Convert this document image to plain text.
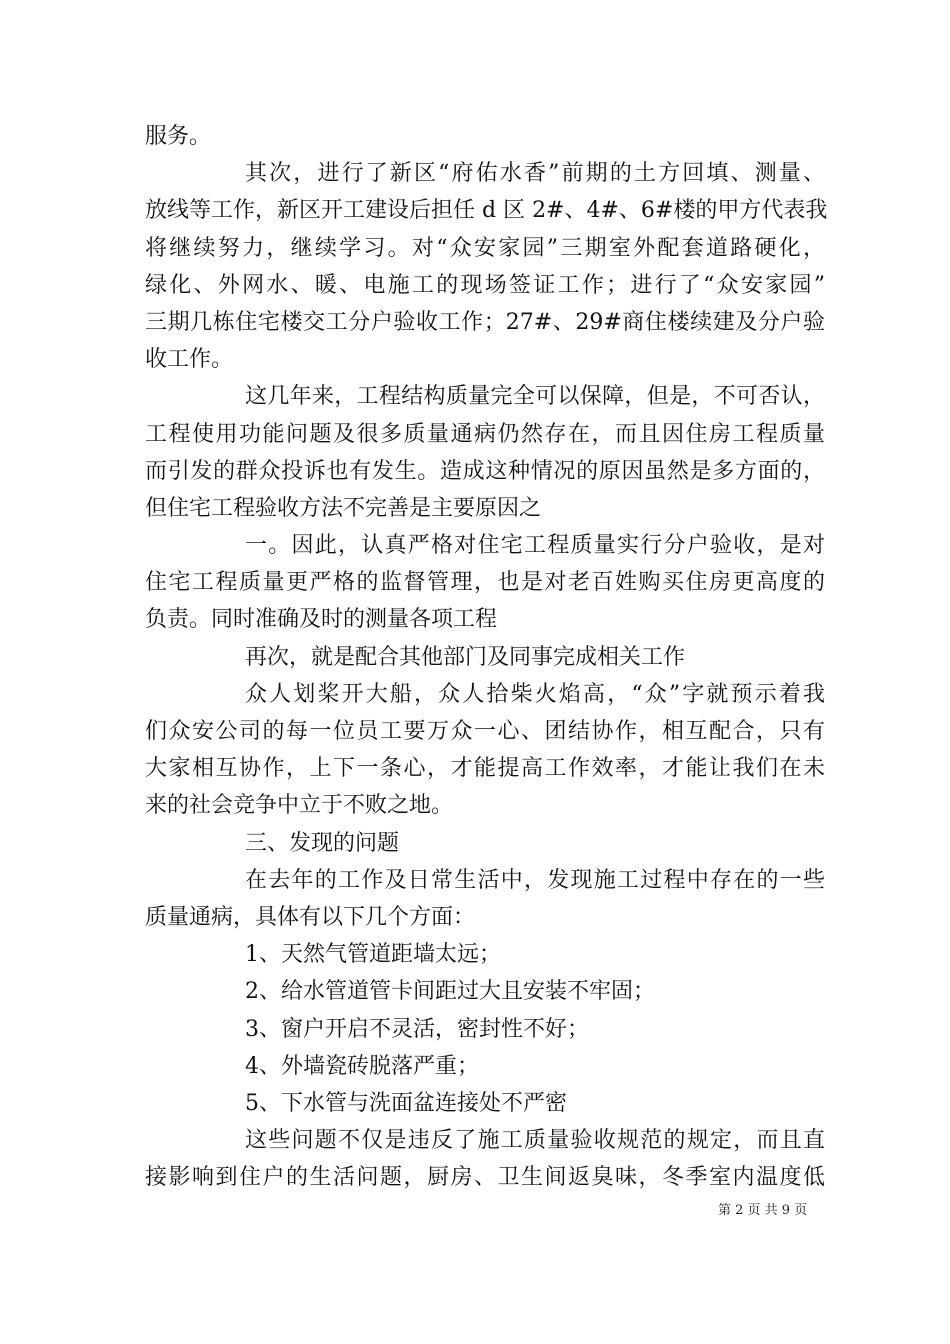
服务。
其次，进行了新区“府佑水香”前期的土方回填、测量、
放线等工作，新区开工建设后担任 d 区 2#、4#、6#楼的甲方代表我
将继续努力，继续学习。对“众安家园”三期室外配套道路硬化，
绿化、外网水、暖、电施工的现场签证工作；进行了“众安家园”
三期几栋住宅楼交工分户验收工作；27#、29#商住楼续建及分户验
收工作。
这几年来，工程结构质量完全可以保障，但是，不可否认，
工程使用功能问题及很多质量通病仍然存在，而且因住房工程质量
而引发的群众投诉也有发生。造成这种情况的原因虽然是多方面的，
但住宅工程验收方法不完善是主要原因之
一。因此，认真严格对住宅工程质量实行分户验收，是对
住宅工程质量更严格的监督管理，也是对老百姓购买住房更高度的
负责。同时准确及时的测量各项工程
再次，就是配合其他部门及同事完成相关工作
众人划桨开大船，众人拾柴火焰高，“众”字就预示着我
们众安公司的每一位员工要万众一心、团结协作，相互配合，只有
大家相互协作，上下一条心，才能提高工作效率，才能让我们在未
来的社会竞争中立于不败之地。
三、发现的问题
在去年的工作及日常生活中，发现施工过程中存在的一些
质量通病，具体有以下几个方面：
1、天然气管道距墙太远；
2、给水管道管卡间距过大且安装不牢固；
3、窗户开启不灵活，密封性不好；
4、外墙瓷砖脱落严重；
5、下水管与洗面盆连接处不严密
这些问题不仅是违反了施工质量验收规范的规定，而且直
接影响到住户的生活问题，厨房、卫生间返臭味，冬季室内温度低
第 2 页 共 9 页
